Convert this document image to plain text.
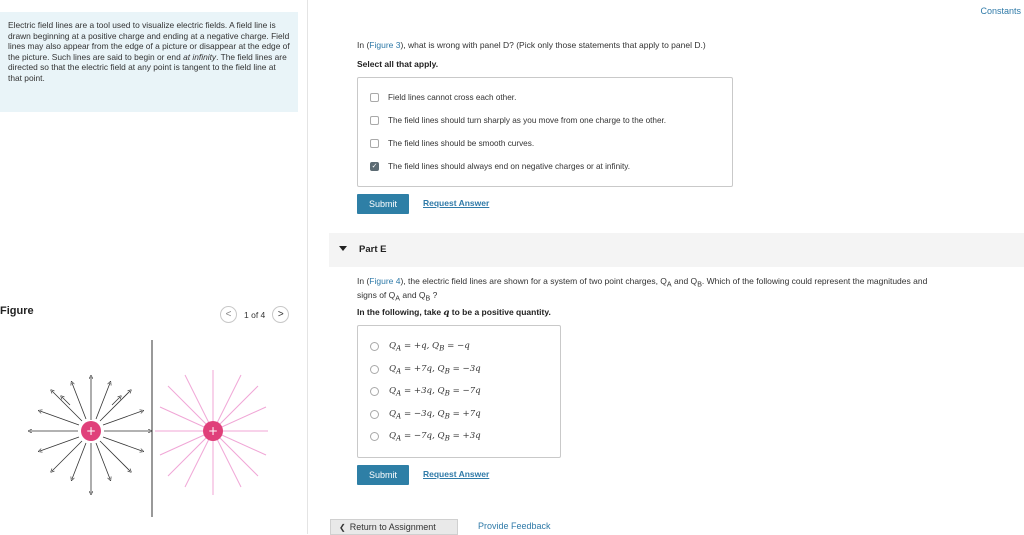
Electric field lines are a tool used to visualize electric fields. A field line is drawn beginning at a positive charge and ending at a negative charge. Field lines may also appear from the edge of a picture or disappear at the edge of the picture. Such lines are said to begin or end at infinity. The field lines are directed so that the electric field at any point is tangent to the field line at that point.
Figure	< 1 of 4 >
+	+
Constants
In (Figure 3), what is wrong with panel D? (Pick only those statements that apply to panel D.)
Select all that apply.
Field lines cannot cross each other.
The field lines should turn sharply as you move from one charge to the other.
The field lines should be smooth curves.
✓ The field lines should always end on negative charges or at infinity.
Submit	Request Answer
Part E
In (Figure 4), the electric field lines are shown for a system of two point charges, $Q_A$ and $Q_B$. Which of the following could represent the magnitudes and
signs of $Q_A$ and $Q_B$ ?
In the following, take q to be a positive quantity.
$Q_A = +q$, $Q_B = -q$
$Q_A = +7q$, $Q_B = -3q$
$Q_A = +3q$, $Q_B = -7q$
$Q_A = -3q$, $Q_B = +7q$
$Q_A = -7q$, $Q_B = +3q$
Submit	Request Answer
❮ Return to Assignment	Provide Feedback
